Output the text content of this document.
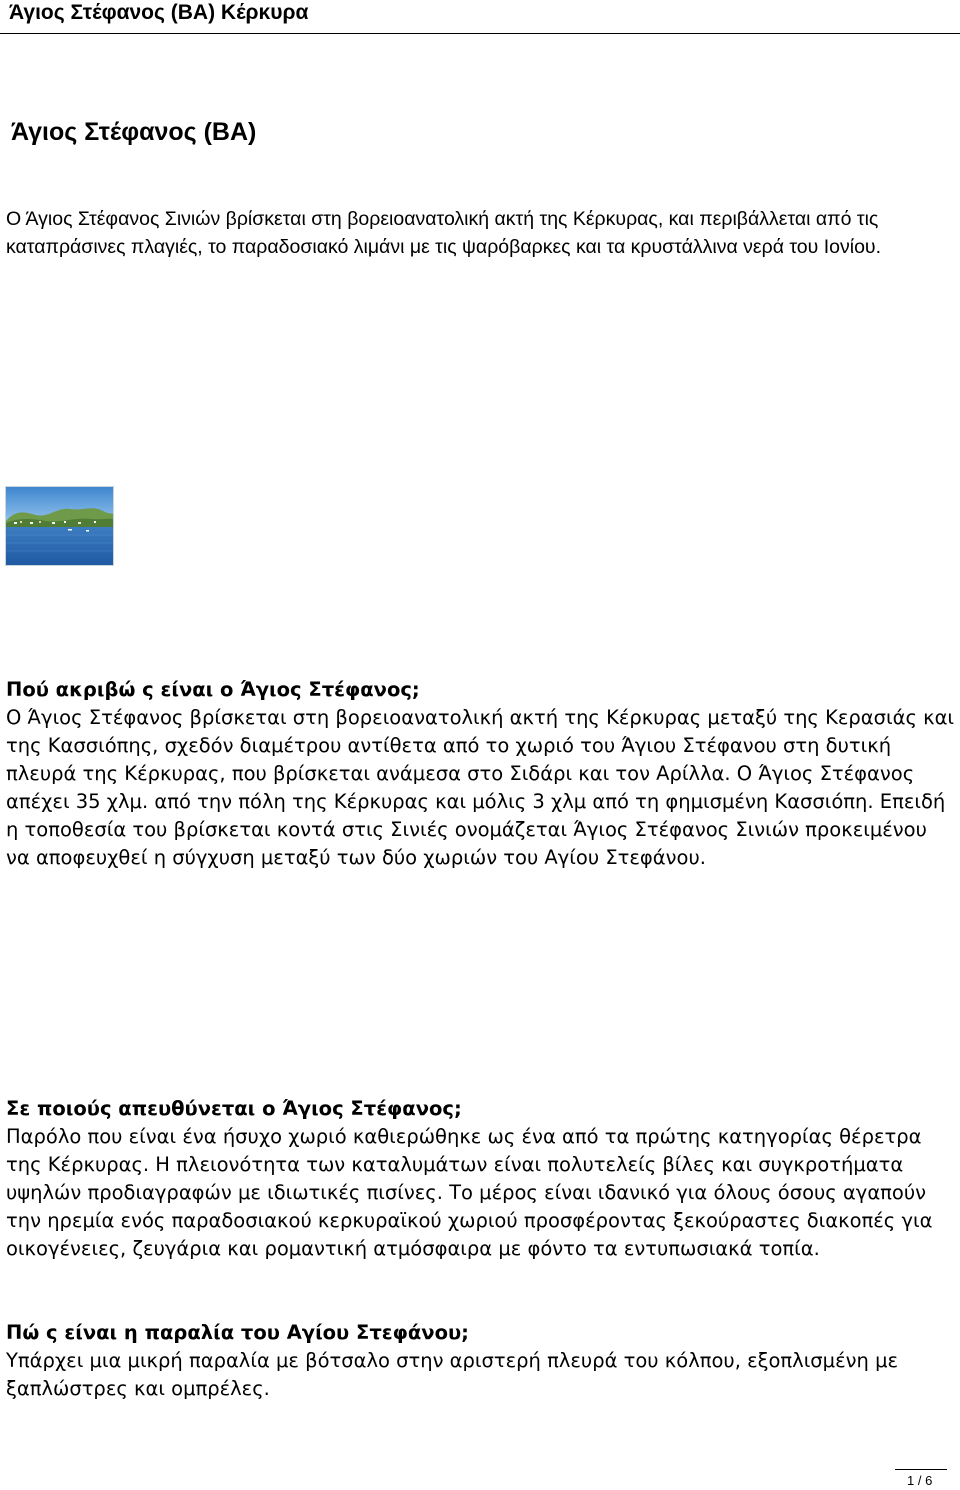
Άγιος Στέφανος (ΒΑ) Κέρκυρα
Άγιος Στέφανος (ΒΑ)

Ο Άγιος Στέφανος Σινιών βρίσκεται στη βορειοανατολική ακτή της Κέρκυρας, και περιβάλλεται από τις καταπράσινες πλαγιές, το παραδοσιακό λιμάνι με τις ψαρόβαρκες και τα κρυστάλλινα νερά του Ιονίου.

Πού ακριβώ ς είναι ο Άγιος Στέφανος;

Ο Άγιος Στέφανος βρίσκεται στη βορειοανατολική ακτή της Κέρκυρας μεταξύ της Κερασιάς και της Κασσιόπης, σχεδόν διαμέτρου αντίθετα από το χωριό του Άγιου Στέφανου στη δυτική πλευρά της Κέρκυρας, που βρίσκεται ανάμεσα στο Σιδάρι και τον Αρίλλα. Ο Άγιος Στέφανος απέχει 35 χλμ. από την πόλη της Κέρκυρας και μόλις 3 χλμ από τη φημισμένη Κασσιόπη. Επειδή η τοποθεσία του βρίσκεται κοντά στις Σινιές ονομάζεται Άγιος Στέφανος Σινιών προκειμένου να αποφευχθεί η σύγχυση μεταξύ των δύο χωριών του Αγίου Στεφάνου.

Σε ποιούς απευθύνεται ο Άγιος Στέφανος;

Παρόλο που είναι ένα ήσυχο χωριό καθιερώθηκε ως ένα από τα πρώτης κατηγορίας θέρετρα της Κέρκυρας. Η πλειονότητα των καταλυμάτων είναι πολυτελείς βίλες και συγκροτήματα υψηλών προδιαγραφών με ιδιωτικές πισίνες. Το μέρος είναι ιδανικό για όλους όσους αγαπούν την ηρεμία ενός παραδοσιακού κερκυραϊκού χωριού προσφέροντας ξεκούραστες διακοπές για οικογένειες, ζευγάρια και ρομαντική ατμόσφαιρα με φόντο τα εντυπωσιακά τοπία.

Πώ ς είναι η παραλία του Αγίου Στεφάνου;

Υπάρχει μια μικρή παραλία με βότσαλο στην αριστερή πλευρά του κόλπου, εξοπλισμένη με ξαπλώστρες και ομπρέλες.

1 / 6
